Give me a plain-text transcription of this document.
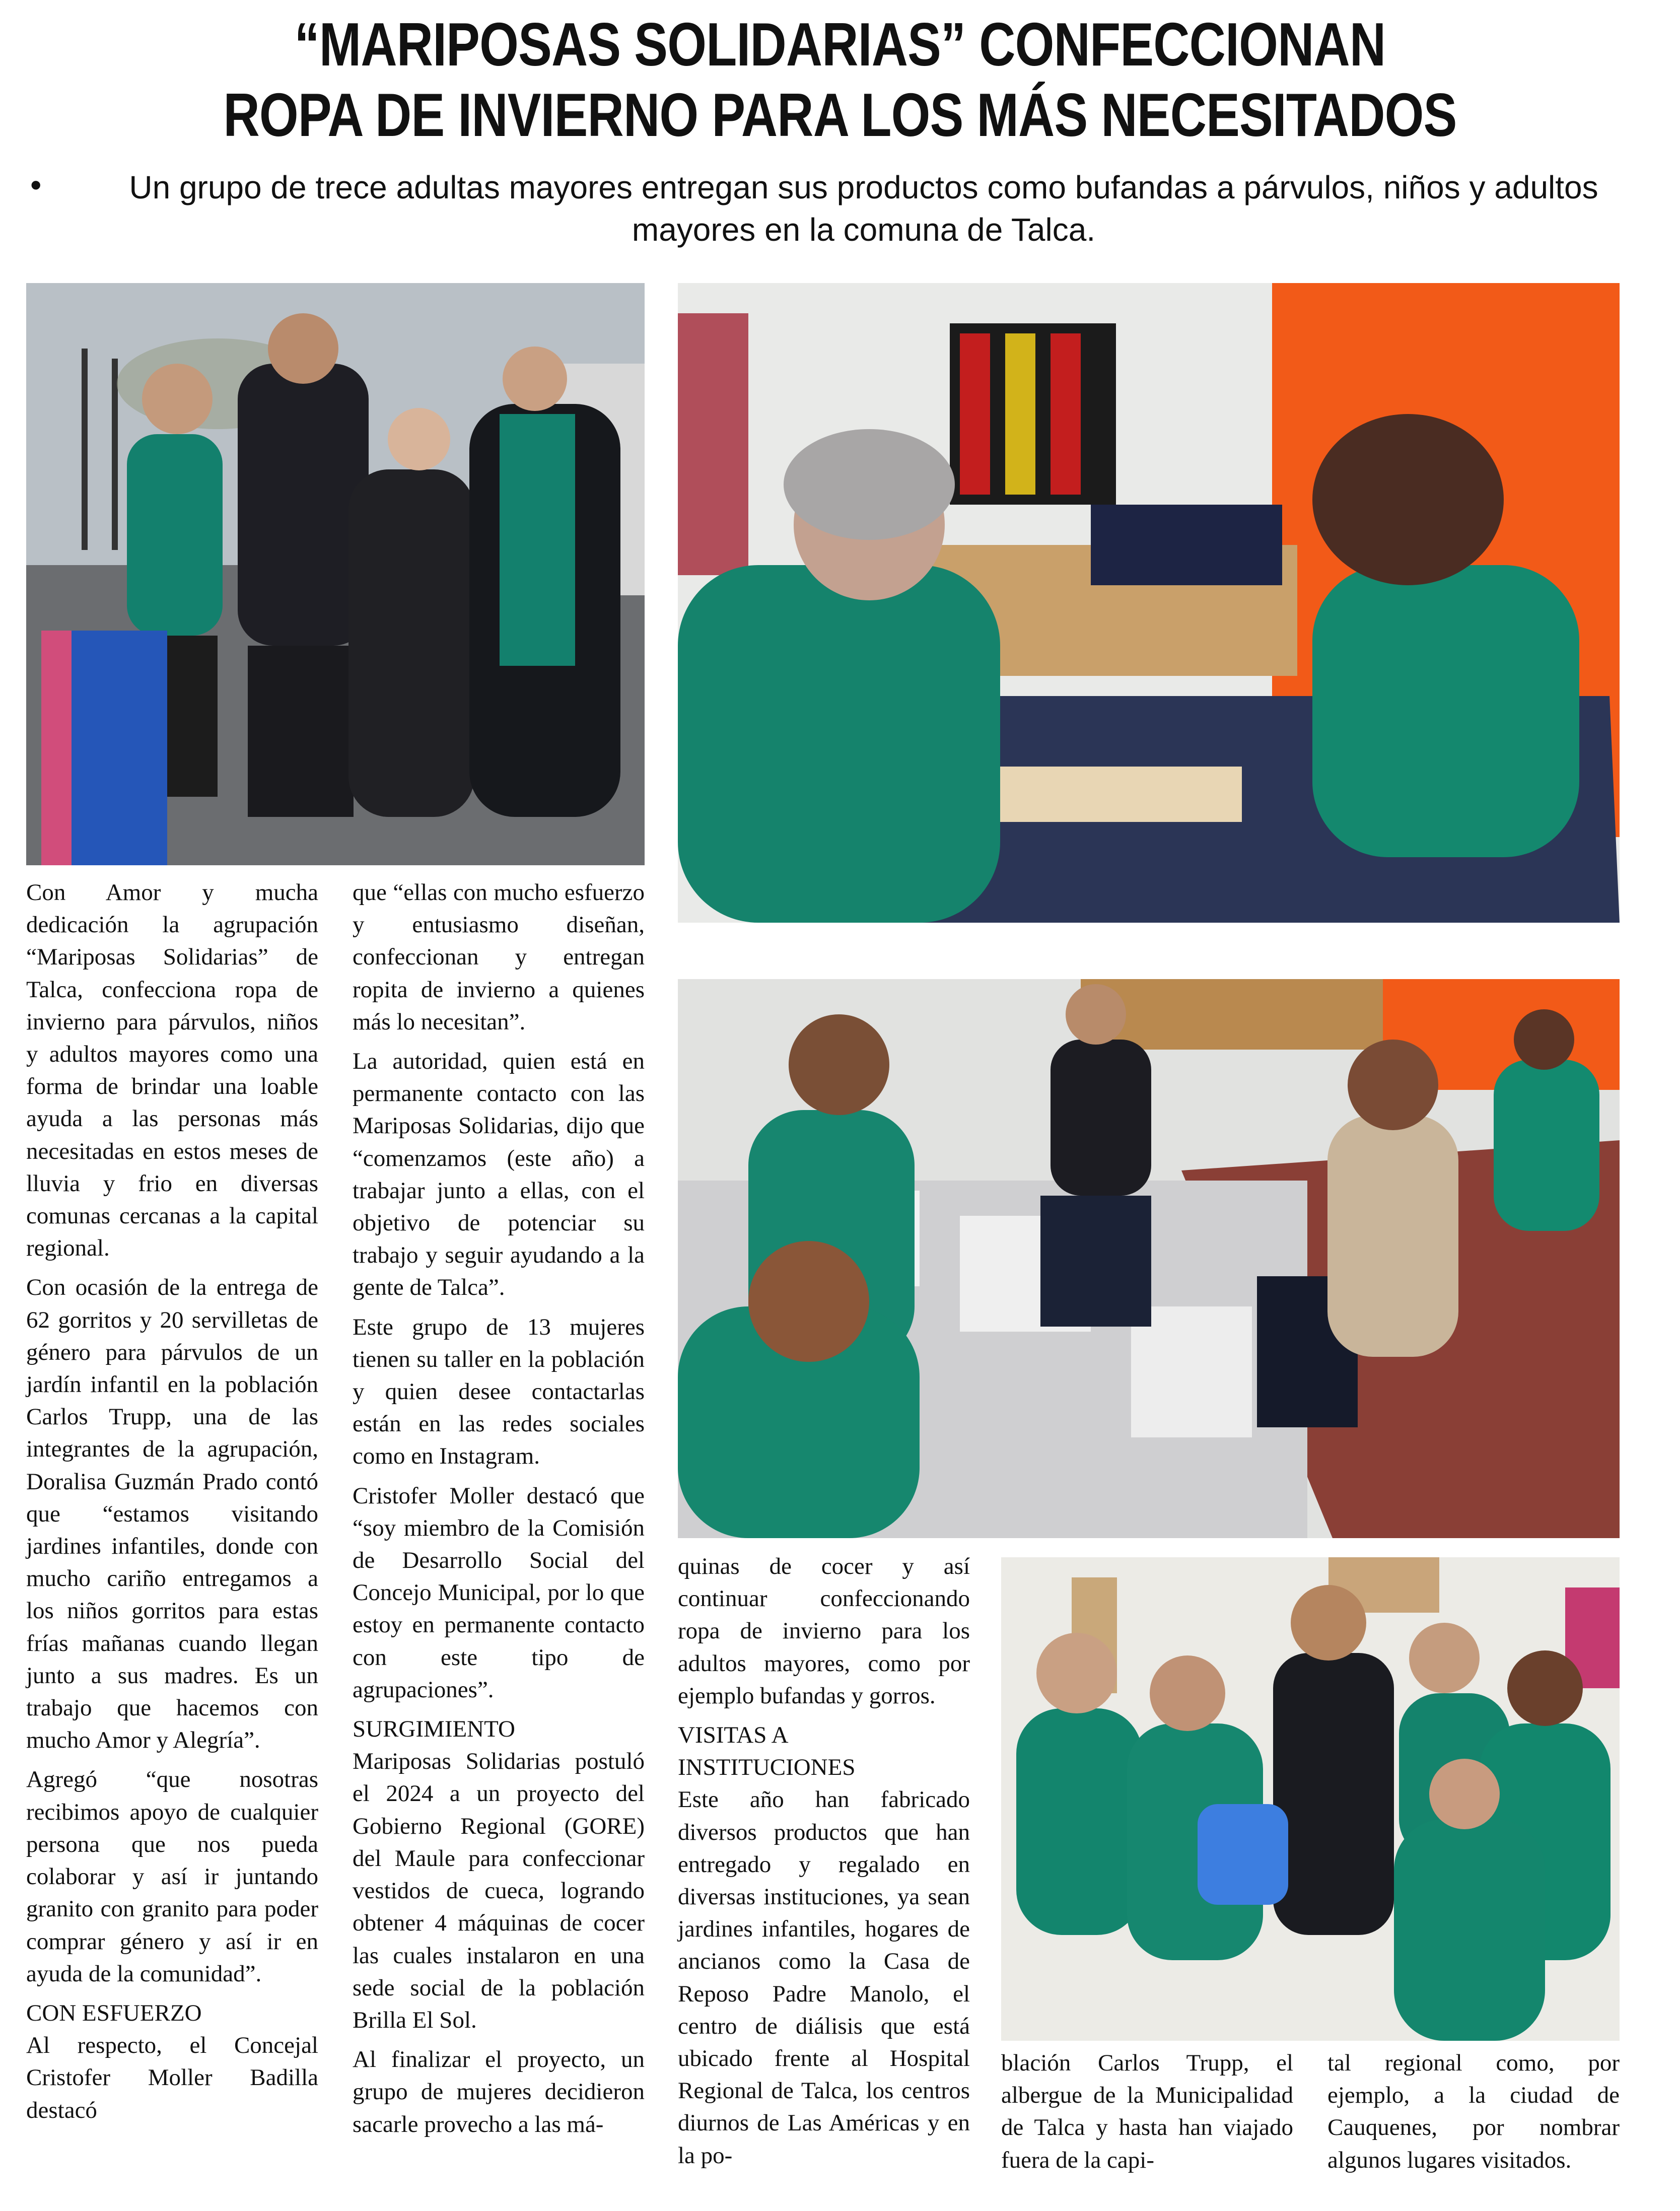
“MARIPOSAS SOLIDARIAS” CONFECCIONAN
ROPA DE INVIERNO PARA LOS MÁS NECESITADOS
•	Un grupo de trece adultas mayores entregan sus productos como bufandas a párvulos, niños y adultos mayores en la comuna de Talca.

Con Amor y mucha dedicación la agrupación “Mariposas Solidarias” de Talca, confecciona ropa de invierno para párvulos, niños y adultos mayores como una forma de brindar una loable ayuda a las personas más necesitadas en estos meses de lluvia y frio en diversas comunas cercanas a la capital regional.

Con ocasión de la entrega de 62 gorritos y 20 servilletas de género para párvulos de un jardín infantil en la población Carlos Trupp, una de las integrantes de la agrupación, Doralisa Guzmán Prado contó que “estamos visitando jardines infantiles, donde con mucho cariño entregamos a los niños gorritos para estas frías mañanas cuando llegan junto a sus madres. Es un trabajo que hacemos con mucho Amor y Alegría”.

Agregó “que nosotras recibimos apoyo de cualquier persona que nos pueda colaborar y así ir juntando granito con granito para poder comprar género y así ir en ayuda de la comunidad”.

CON ESFUERZO

Al respecto, el Concejal Cristofer Moller Badilla destacó

que “ellas con mucho esfuerzo y entusiasmo diseñan, confeccionan y entregan ropita de invierno a quienes más lo necesitan”.

La autoridad, quien está en permanente contacto con las Mariposas Solidarias, dijo que “comenzamos (este año) a trabajar junto a ellas, con el objetivo de potenciar su trabajo y seguir ayudando a la gente de Talca”.

Este grupo de 13 mujeres tienen su taller en la población y quien desee contactarlas están en las redes sociales como en Instagram.

Cristofer Moller destacó que “soy miembro de la Comisión de Desarrollo Social del Concejo Municipal, por lo que estoy en permanente contacto con este tipo de agrupaciones”.

SURGIMIENTO

Mariposas Solidarias postuló el 2024 a un proyecto del Gobierno Regional (GORE) del Maule para confeccionar vestidos de cueca, logrando obtener 4 máquinas de cocer las cuales instalaron en una sede social de la población Brilla El Sol.

Al finalizar el proyecto, un grupo de mujeres decidieron sacarle provecho a las má-

quinas de cocer y así continuar confeccionando ropa de invierno para los adultos mayores, como por ejemplo bufandas y gorros.

VISITAS A INSTITUCIONES

Este año han fabricado diversos productos que han entregado y regalado en diversas instituciones, ya sean jardines infantiles, hogares de ancianos como la Casa de Reposo Padre Manolo, el centro de diálisis que está ubicado frente al Hospital Regional de Talca, los centros diurnos de Las Américas y en la po-

blación Carlos Trupp, el albergue de la Municipalidad de Talca y hasta han viajado fuera de la capi-

tal regional como, por ejemplo, a la ciudad de Cauquenes, por nombrar algunos lugares visitados.
